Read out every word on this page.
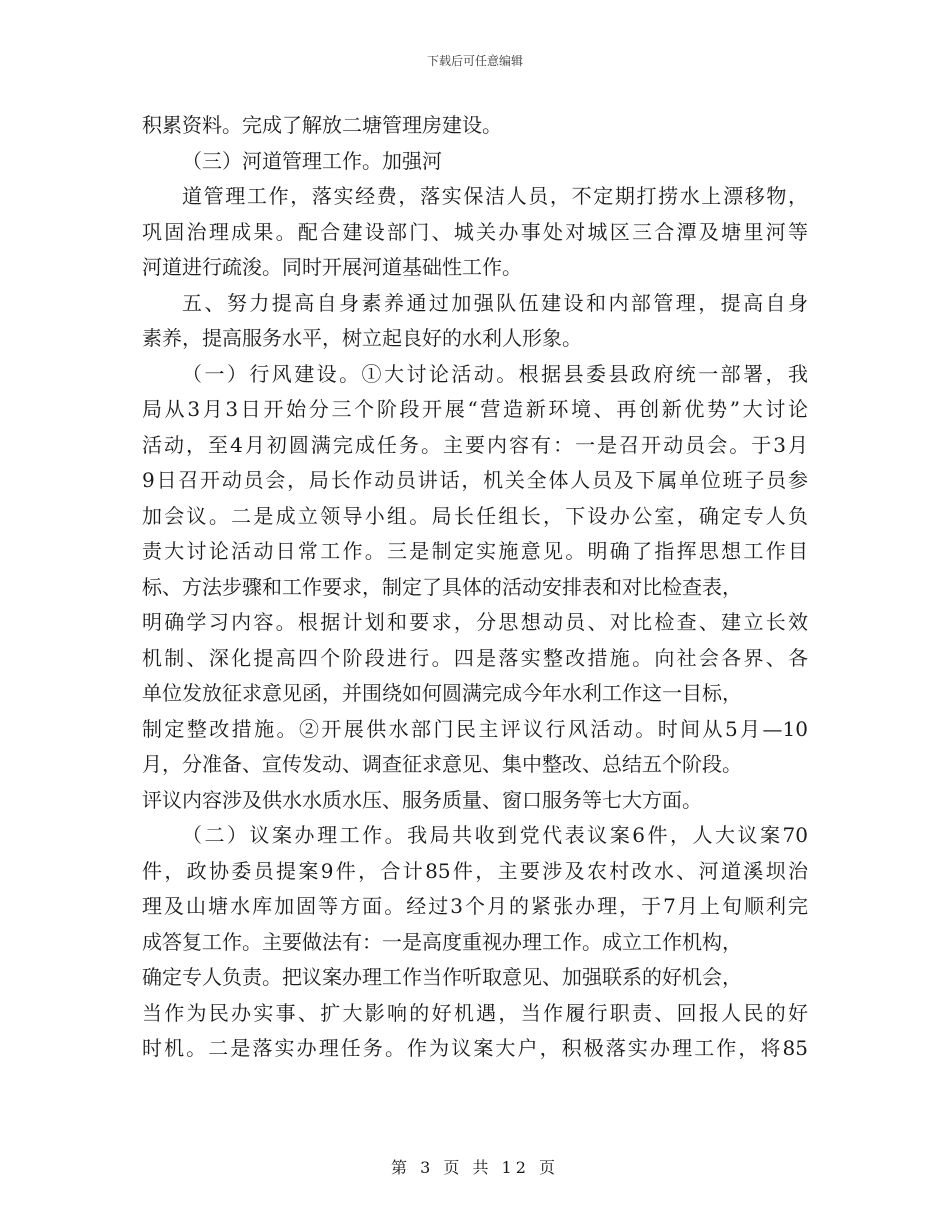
下载后可任意编辑
积累资料。完成了解放二塘管理房建设。
（三）河道管理工作。加强河
道管理工作，落实经费，落实保洁人员，不定期打捞水上漂移物，
巩固治理成果。配合建设部门、城关办事处对城区三合潭及塘里河等
河道进行疏浚。同时开展河道基础性工作。
五、努力提高自身素养通过加强队伍建设和内部管理，提高自身
素养，提高服务水平，树立起良好的水利人形象。
（一）行风建设。①大讨论活动。根据县委县政府统一部署，我
局从3月3日开始分三个阶段开展“营造新环境、再创新优势”大讨论
活动，至4月初圆满完成任务。主要内容有：一是召开动员会。于3月
9日召开动员会，局长作动员讲话，机关全体人员及下属单位班子员参
加会议。二是成立领导小组。局长任组长，下设办公室，确定专人负
责大讨论活动日常工作。三是制定实施意见。明确了指挥思想工作目
标、方法步骤和工作要求，制定了具体的活动安排表和对比检查表，
明确学习内容。根据计划和要求，分思想动员、对比检查、建立长效
机制、深化提高四个阶段进行。四是落实整改措施。向社会各界、各
单位发放征求意见函，并围绕如何圆满完成今年水利工作这一目标，
制定整改措施。②开展供水部门民主评议行风活动。时间从5月—10
月，分准备、宣传发动、调查征求意见、集中整改、总结五个阶段。
评议内容涉及供水水质水压、服务质量、窗口服务等七大方面。
（二）议案办理工作。我局共收到党代表议案6件，人大议案70
件，政协委员提案9件，合计85件，主要涉及农村改水、河道溪坝治
理及山塘水库加固等方面。经过3个月的紧张办理，于7月上旬顺利完
成答复工作。主要做法有：一是高度重视办理工作。成立工作机构，
确定专人负责。把议案办理工作当作听取意见、加强联系的好机会，
当作为民办实事、扩大影响的好机遇，当作履行职责、回报人民的好
时机。二是落实办理任务。作为议案大户，积极落实办理工作，将85
第 3 页 共 12 页
